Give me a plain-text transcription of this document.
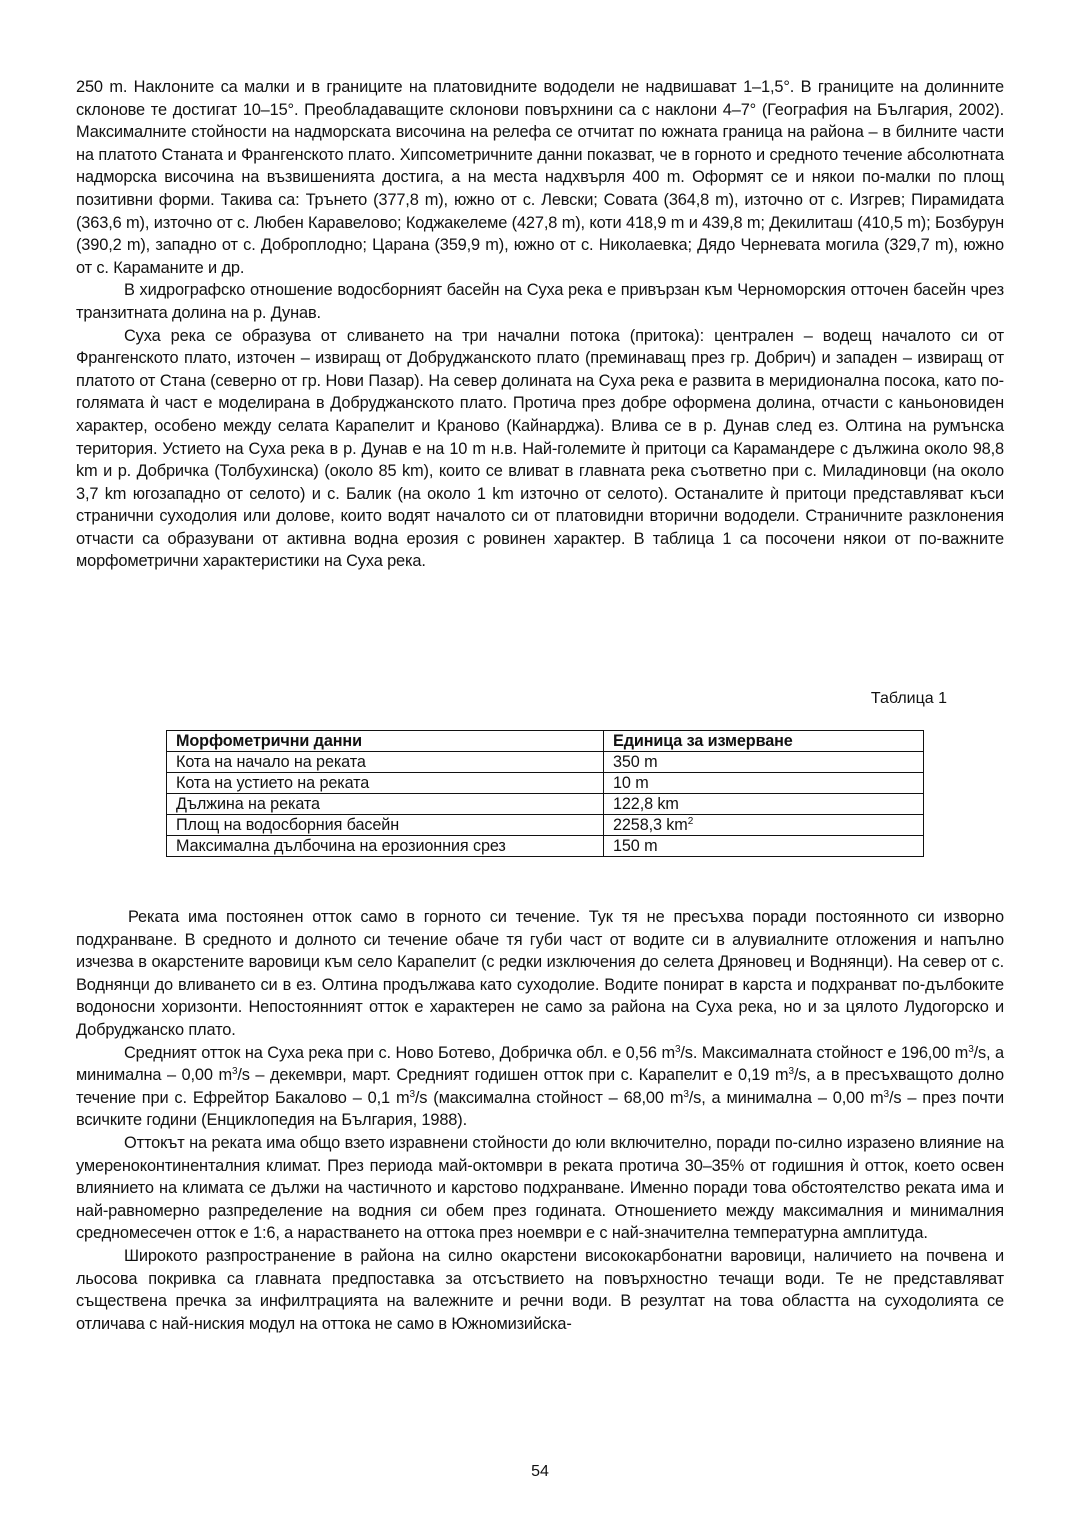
250 m. Наклоните са малки и в границите на платовидните вододели не надвишават 1–1,5°. В границите на долинните склонове те достигат 10–15°. Преобладаващите склонови повърхнини са с наклони 4–7° (География на България, 2002). Максималните стойности на надморската височина на релефа се отчитат по южната граница на района – в билните части на платото Станата и Франгенското плато. Хипсометричните данни показват, че в горното и средното течение абсолютната надморска височина на възвишенията достига, а на места надхвърля 400 m. Оформят се и някои по-малки по площ позитивни форми. Такива са: Трънето (377,8 m), южно от с. Левски; Совата (364,8 m), източно от с. Изгрев; Пирамидата (363,6 m), източно от с. Любен Каравелово; Коджакелеме (427,8 m), коти 418,9 m и 439,8 m; Декилиташ (410,5 m); Бозбурун (390,2 m), западно от с. Доброплодно; Царана (359,9 m), южно от с. Николаевка; Дядо Черневата могила (329,7 m), южно от с. Караманите и др.

В хидрографско отношение водосборният басейн на Суха река е привързан към Черноморския отточен басейн чрез транзитната долина на р. Дунав.

Суха река се образува от сливането на три начални потока (притока): централен – водещ началото си от Франгенското плато, източен – извиращ от Добруджанското плато (преминаващ през гр. Добрич) и западен – извиращ от платото от Стана (северно от гр. Нови Пазар). На север долината на Суха река е развита в меридионална посока, като по-голямата ѝ част е моделирана в Добруджанското плато. Протича през добре оформена долина, отчасти с каньоновиден характер, особено между селата Карапелит и Краново (Кайнарджа). Влива се в р. Дунав след ез. Олтина на румънска територия. Устието на Суха река в р. Дунав е на 10 m н.в. Най-големите ѝ притоци са Карамандере с дължина около 98,8 km и р. Добричка (Толбухинска) (около 85 km), които се вливат в главната река съответно при с. Миладиновци (на около 3,7 km югозападно от селото) и с. Балик (на около 1 km източно от селото). Останалите ѝ притоци представляват къси странични суходолия или долове, които водят началото си от платовидни вторични вододели. Страничните разклонения отчасти са образувани от активна водна ерозия с ровинен характер. В таблица 1 са посочени някои от по-важните морфометрични характеристики на Суха река.

Таблица 1
Морфометрични данни	Единица за измерване
Кота на начало на реката	350 m
Кота на устието на реката	10 m
Дължина на реката	122,8 km
Площ на водосборния басейн	2258,3 $km^2$
Максимална дълбочина на ерозионния срез	150 m

Реката има постоянен отток само в горното си течение. Тук тя не пресъхва поради постоянното си изворно подхранване. В средното и долното си течение обаче тя губи част от водите си в алувиалните отложения и напълно изчезва в окарстените варовици към село Карапелит (с редки изключения до селета Дряновец и Воднянци). На север от с. Воднянци до вливането си в ез. Олтина продължава като суходолие. Водите понират в карста и подхранват по-дълбоките водоносни хоризонти. Непостоянният отток е характерен не само за района на Суха река, но и за цялото Лудогорско и Добруджанско плато.

Средният отток на Суха река при с. Ново Ботево, Добричка обл. е 0,56 $m^3/s$. Максималната стойност е 196,00 $m^3/s$, а минимална – 0,00 $m^3/s$ – декември, март. Средният годишен отток при с. Карапелит е 0,19 $m^3/s$, а в пресъхващото долно течение при с. Ефрейтор Бакалово – 0,1 $m^3/s$ (максимална стойност – 68,00 $m^3/s$, а минимална – 0,00 $m^3/s$ – през почти всичките години (Енциклопедия на България, 1988).

Оттокът на реката има общо взето изравнени стойности до юли включително, поради по-силно изразено влияние на умереноконтиненталния климат. През периода май-октомври в реката протича 30–35% от годишния ѝ отток, което освен влиянието на климата се дължи на частичното и карстово подхранване. Именно поради това обстоятелство реката има и най-равномерно разпределение на водния си обем през годината. Отношението между максималния и минималния средномесечен отток е 1:6, а нарастването на оттока през ноември е с най-значителна температурна амплитуда.

Широкото разпространение в района на силно окарстени висококарбонатни варовици, наличието на почвена и льосова покривка са главната предпоставка за отсъствието на повърхностно течащи води. Те не представляват съществена пречка за инфилтрацията на валежните и речни води. В резултат на това областта на суходолията се отличава с най-ниския модул на оттока не само в Южномизийска-

54
